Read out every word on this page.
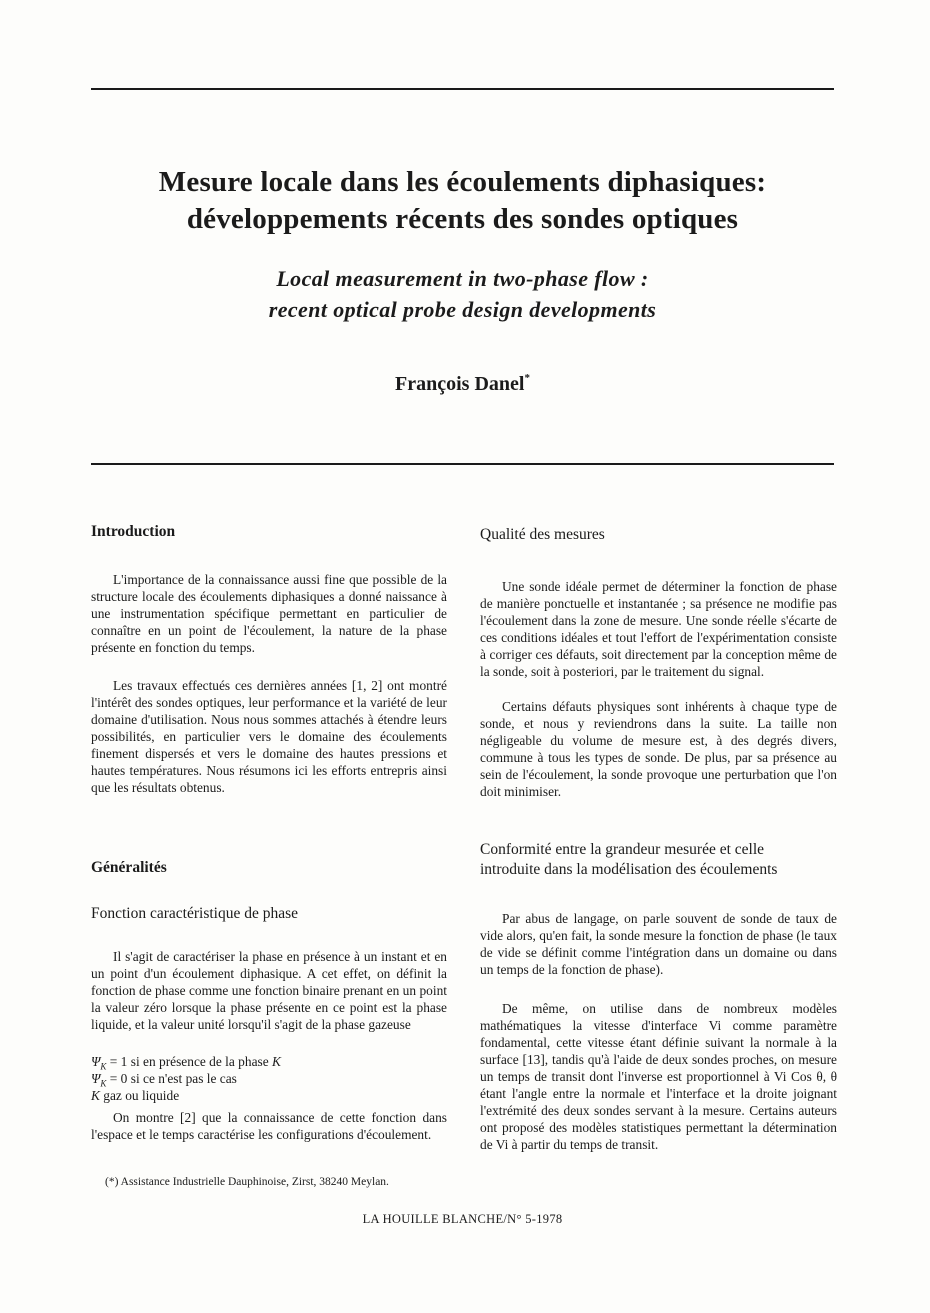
Mesure locale dans les écoulements diphasiques:
développements récents des sondes optiques
Local measurement in two-phase flow :
recent optical probe design developments
François Danel*
Introduction
L'importance de la connaissance aussi fine que possible de la structure locale des écoulements diphasiques a donné naissance à une instrumentation spécifique permettant en particulier de connaître en un point de l'écoulement, la nature de la phase présente en fonction du temps.
Les travaux effectués ces dernières années [1, 2] ont montré l'intérêt des sondes optiques, leur performance et la variété de leur domaine d'utilisation. Nous nous sommes attachés à étendre leurs possibilités, en particulier vers le domaine des écoulements finement dispersés et vers le domaine des hautes pressions et hautes températures. Nous résumons ici les efforts entrepris ainsi que les résultats obtenus.
Généralités
Fonction caractéristique de phase
Il s'agit de caractériser la phase en présence à un instant et en un point d'un écoulement diphasique. A cet effet, on définit la fonction de phase comme une fonction binaire prenant en un point la valeur zéro lorsque la phase présente en ce point est la phase liquide, et la valeur unité lorsqu'il s'agit de la phase gazeuse
$\Psi_K = 1$ si en présence de la phase K
$\Psi_K = 0$ si ce n'est pas le cas
K gaz ou liquide
On montre [2] que la connaissance de cette fonction dans l'espace et le temps caractérise les configurations d'écoulement.
(*) Assistance Industrielle Dauphinoise, Zirst, 38240 Meylan.
Qualité des mesures
Une sonde idéale permet de déterminer la fonction de phase de manière ponctuelle et instantanée ; sa présence ne modifie pas l'écoulement dans la zone de mesure. Une sonde réelle s'écarte de ces conditions idéales et tout l'effort de l'expérimentation consiste à corriger ces défauts, soit directement par la conception même de la sonde, soit à posteriori, par le traitement du signal.
Certains défauts physiques sont inhérents à chaque type de sonde, et nous y reviendrons dans la suite. La taille non négligeable du volume de mesure est, à des degrés divers, commune à tous les types de sonde. De plus, par sa présence au sein de l'écoulement, la sonde provoque une perturbation que l'on doit minimiser.
Conformité entre la grandeur mesurée et celle
introduite dans la modélisation des écoulements
Par abus de langage, on parle souvent de sonde de taux de vide alors, qu'en fait, la sonde mesure la fonction de phase (le taux de vide se définit comme l'intégration dans un domaine ou dans un temps de la fonction de phase).
De même, on utilise dans de nombreux modèles mathématiques la vitesse d'interface Vi comme paramètre fondamental, cette vitesse étant définie suivant la normale à la surface [13], tandis qu'à l'aide de deux sondes proches, on mesure un temps de transit dont l'inverse est proportionnel à Vi Cos θ, θ étant l'angle entre la normale et l'interface et la droite joignant l'extrémité des deux sondes servant à la mesure. Certains auteurs ont proposé des modèles statistiques permettant la détermination de Vi à partir du temps de transit.
LA HOUILLE BLANCHE/N° 5-1978
